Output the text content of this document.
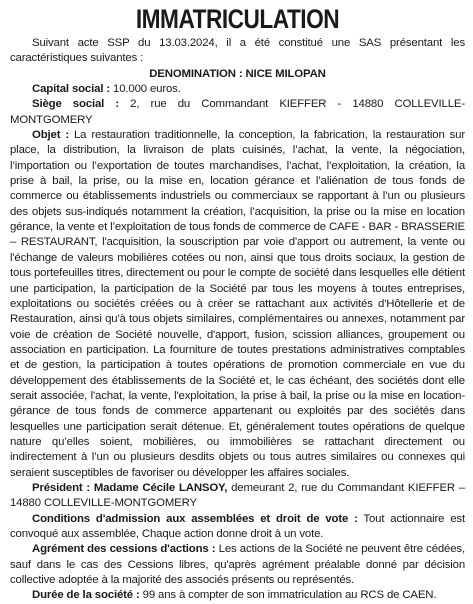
IMMATRICULATION

Suivant acte SSP du 13.03.2024, il a été constitué une SAS présentant les caractéristiques suivantes :

DENOMINATION : NICE MILOPAN

Capital social : 10.000 euros.

Siège social : 2, rue du Commandant KIEFFER - 14880 COLLEVILLE-MONTGOMERY

Objet : La restauration traditionnelle, la conception, la fabrication, la restauration sur place, la distribution, la livraison de plats cuisinés, l’achat, la vente, la négociation, l’importation ou l’exportation de toutes marchandises, l’achat, l’exploitation, la création, la prise à bail, la prise, ou la mise en, location gérance et l’aliénation de tous fonds de commerce ou établissements industriels ou commerciaux se rapportant à l’un ou plusieurs des objets sus-indiqués notamment la création, l’acquisition, la prise ou la mise en location gérance, la vente et l’exploitation de tous fonds de commerce de CAFE - BAR - BRASSERIE – RESTAURANT, l'acquisition, la souscription par voie d'apport ou autrement, la vente ou l'échange de valeurs mobilières cotées ou non, ainsi que tous droits sociaux, la gestion de tous portefeuilles titres, directement ou pour le compte de société dans lesquelles elle détient une participation, la participation de la Société par tous les moyens à toutes entreprises, exploitations ou sociétés créées ou à créer se rattachant aux activités d'Hôtellerie et de Restauration, ainsi qu'à tous objets similaires, complémentaires ou annexes, notamment par voie de création de Société nouvelle, d'apport, fusion, scission alliances, groupement ou association en participation. La fourniture de toutes prestations administratives comptables et de gestion, la participation à toutes opérations de promotion commerciale en vue du développement des établissements de la Société et, le cas échéant, des sociétés dont elle serait associée, l'achat, la vente, l'exploitation, la prise à bail, la prise ou la mise en location-gérance de tous fonds de commerce appartenant ou exploités par des sociétés dans lesquelles une participation serait détenue. Et, généralement toutes opérations de quelque nature qu’elles soient, mobilières, ou immobilières se rattachant directement ou indirectement à l’un ou plusieurs desdits objets ou tous autres similaires ou connexes qui seraient susceptibles de favoriser ou développer les affaires sociales.

Président : Madame Cécile LANSOY, demeurant 2, rue du Commandant KIEFFER – 14880 COLLEVILLE-MONTGOMERY

Conditions d'admission aux assemblées et droit de vote : Tout actionnaire est convoqué aux assemblée, Chaque action donne droit à un vote.

Agrément des cessions d'actions : Les actions de la Société ne peuvent être cédées, sauf dans le cas des Cessions libres, qu'après agrément préalable donné par décision collective adoptée à la majorité des associés présents ou représentés.

Durée de la société : 99 ans à compter de son immatriculation au RCS de CAEN.
